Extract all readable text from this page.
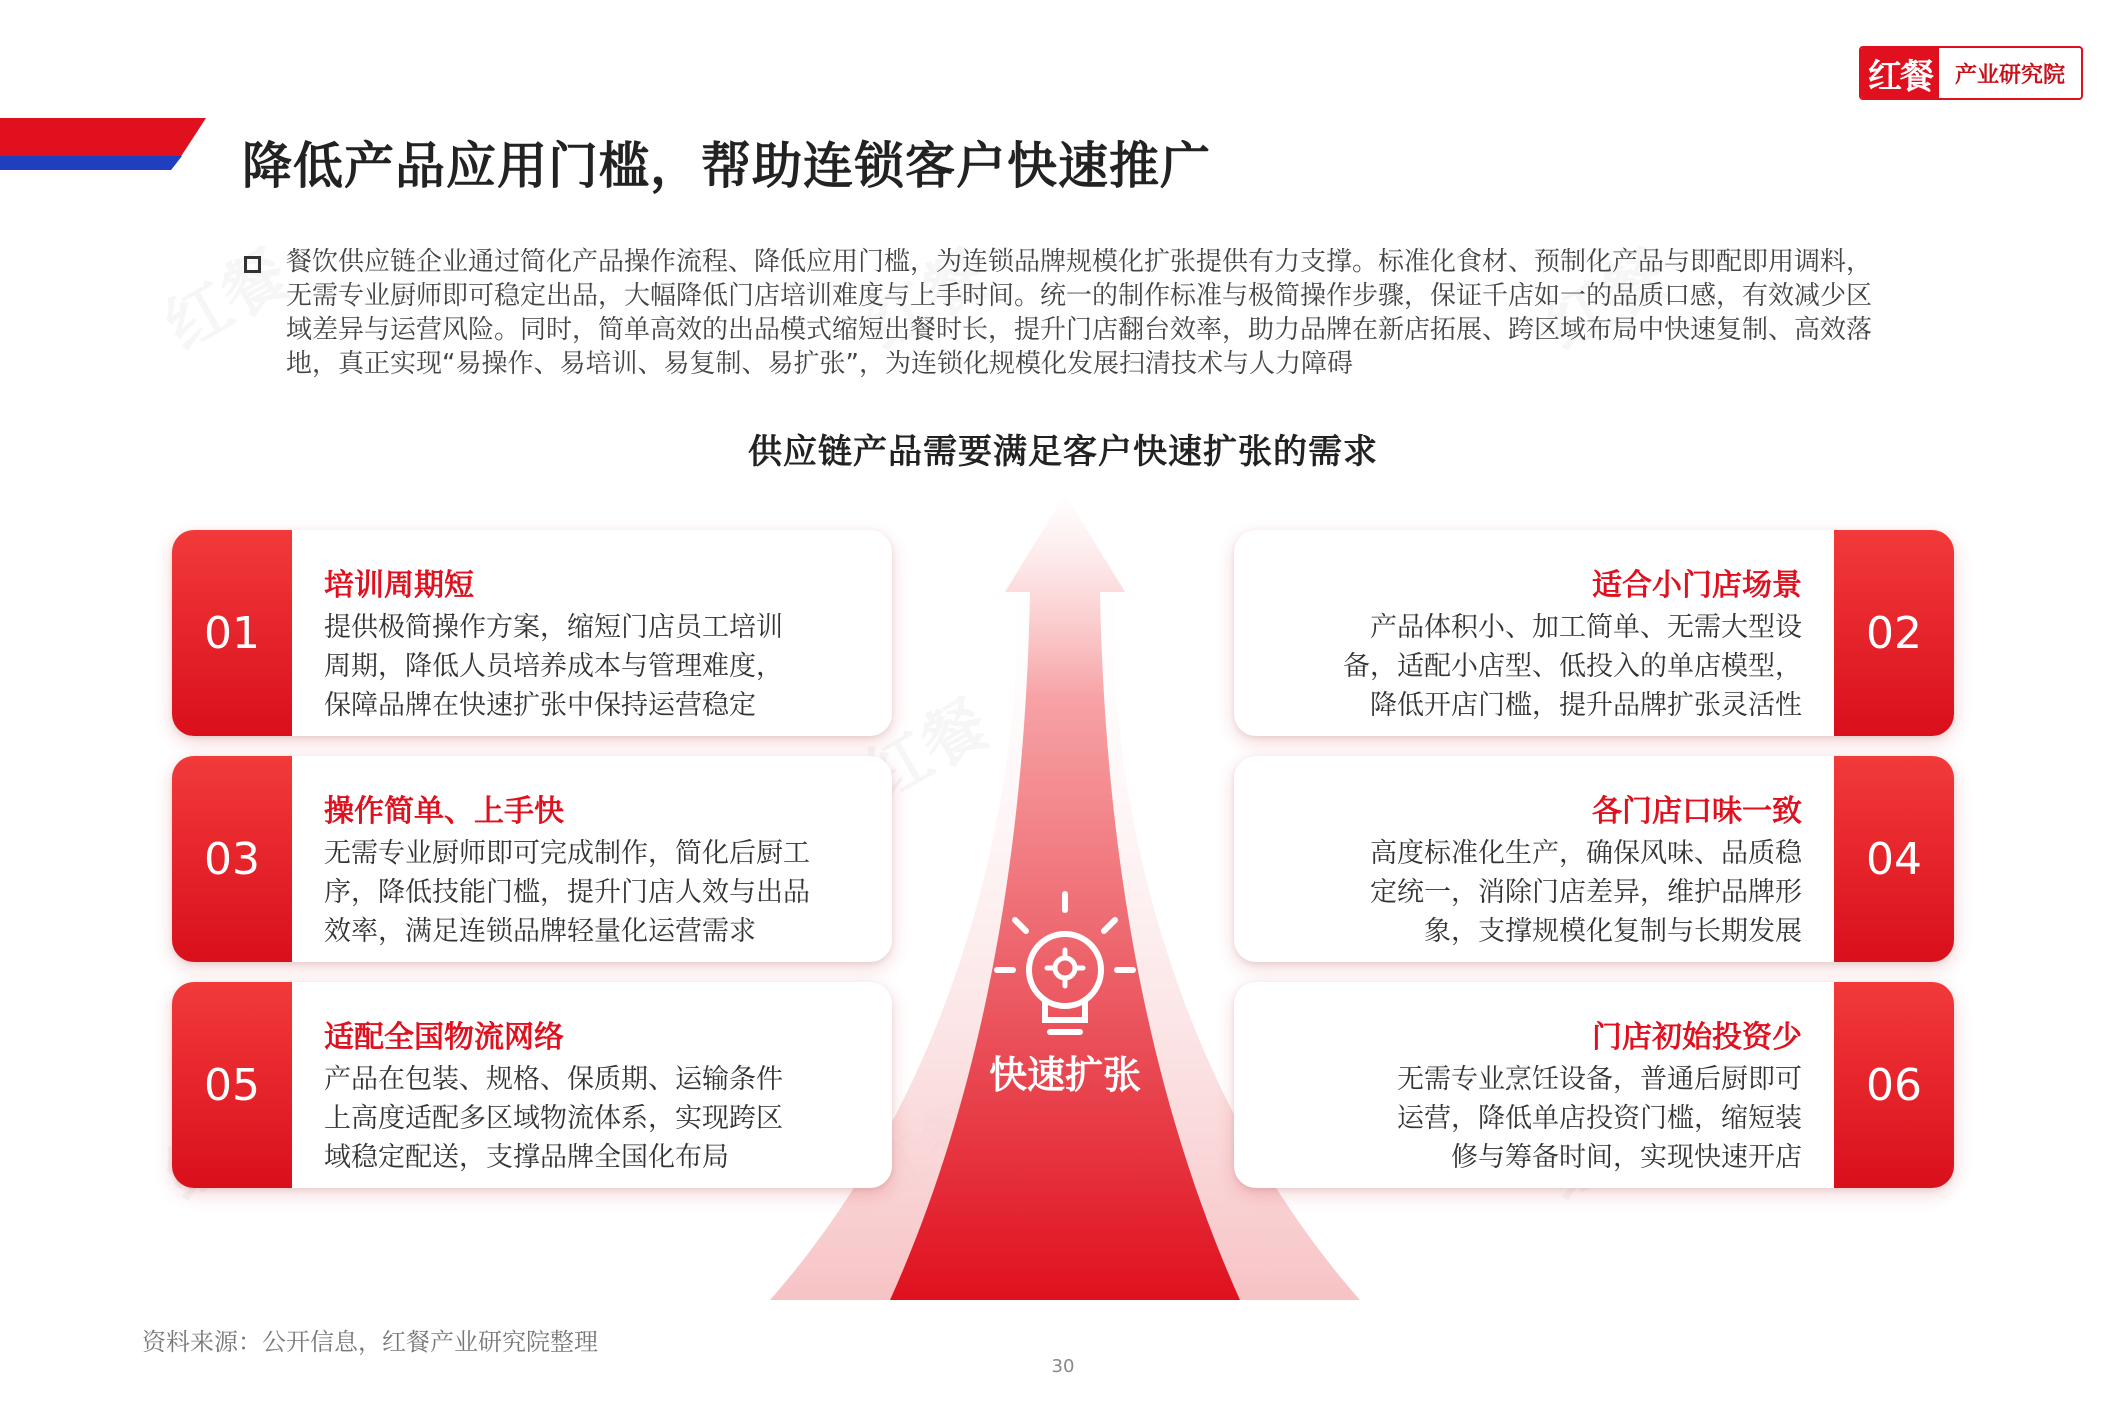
红餐	产业研究院
降低产品应用门槛，帮助连锁客户快速推广
餐饮供应链企业通过简化产品操作流程、降低应用门槛，为连锁品牌规模化扩张提供有力支撑。标准化食材、预制化产品与即配即用调料，无需专业厨师即可稳定出品，大幅降低门店培训难度与上手时间。统一的制作标准与极简操作步骤，保证千店如一的品质口感，有效减少区域差异与运营风险。同时，简单高效的出品模式缩短出餐时长，提升门店翻台效率，助力品牌在新店拓展、跨区域布局中快速复制、高效落地，真正实现“易操作、易培训、易复制、易扩张”，为连锁化规模化发展扫清技术与人力障碍
供应链产品需要满足客户快速扩张的需求
快速扩张
01
培训周期短
提供极简操作方案，缩短门店员工培训
周期，降低人员培养成本与管理难度，
保障品牌在快速扩张中保持运营稳定
02
适合小门店场景
产品体积小、加工简单、无需大型设
备，适配小店型、低投入的单店模型，
降低开店门槛，提升品牌扩张灵活性
03
操作简单、上手快
无需专业厨师即可完成制作，简化后厨工
序，降低技能门槛，提升门店人效与出品
效率，满足连锁品牌轻量化运营需求
04
各门店口味一致
高度标准化生产，确保风味、品质稳
定统一，消除门店差异，维护品牌形
象，支撑规模化复制与长期发展
05
适配全国物流网络
产品在包装、规格、保质期、运输条件
上高度适配多区域物流体系，实现跨区
域稳定配送，支撑品牌全国化布局
06
门店初始投资少
无需专业烹饪设备，普通后厨即可
运营，降低单店投资门槛，缩短装
修与筹备时间，实现快速开店
资料来源：公开信息，红餐产业研究院整理
30
